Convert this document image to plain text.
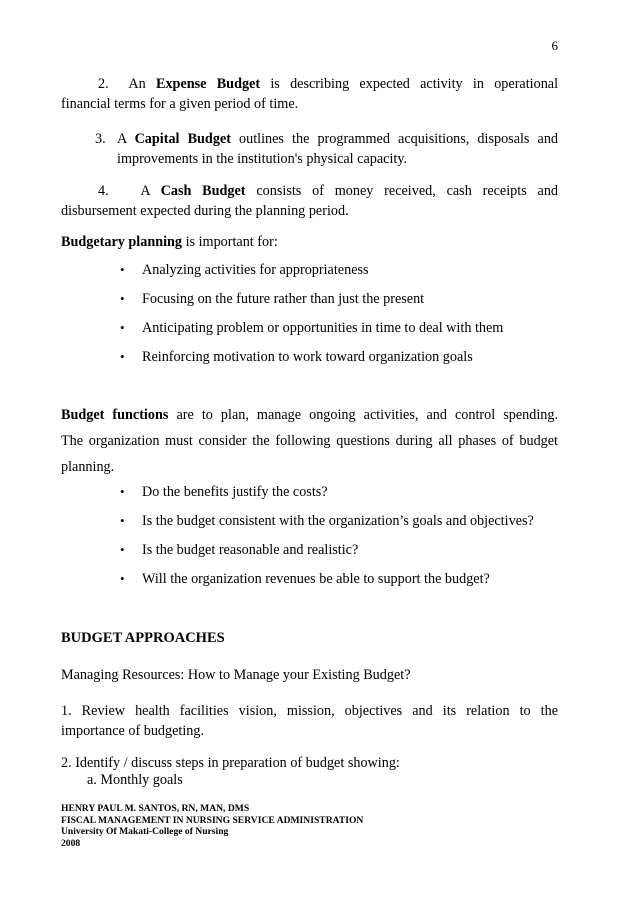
6
2. An Expense Budget is describing expected activity in operational
financial terms for a given period of time.
3. A Capital Budget outlines the programmed acquisitions, disposals and
improvements in the institution's physical capacity.
4. A Cash Budget consists of money received, cash receipts and
disbursement expected during the planning period.
Budgetary planning is important for:
• Analyzing activities for appropriateness
• Focusing on the future rather than just the present
• Anticipating problem or opportunities in time to deal with them
• Reinforcing motivation to work toward organization goals
Budget functions are to plan, manage ongoing activities, and control spending.
The organization must consider the following questions during all phases of budget
planning.
• Do the benefits justify the costs?
• Is the budget consistent with the organization’s goals and objectives?
• Is the budget reasonable and realistic?
• Will the organization revenues be able to support the budget?
BUDGET APPROACHES
Managing Resources: How to Manage your Existing Budget?
1. Review health facilities vision, mission, objectives and its relation to the
importance of budgeting.
2. Identify / discuss steps in preparation of budget showing:
a. Monthly goals
HENRY PAUL M. SANTOS, RN, MAN, DMS
FISCAL MANAGEMENT IN NURSING SERVICE ADMINISTRATION
University Of Makati-College of Nursing
2008
